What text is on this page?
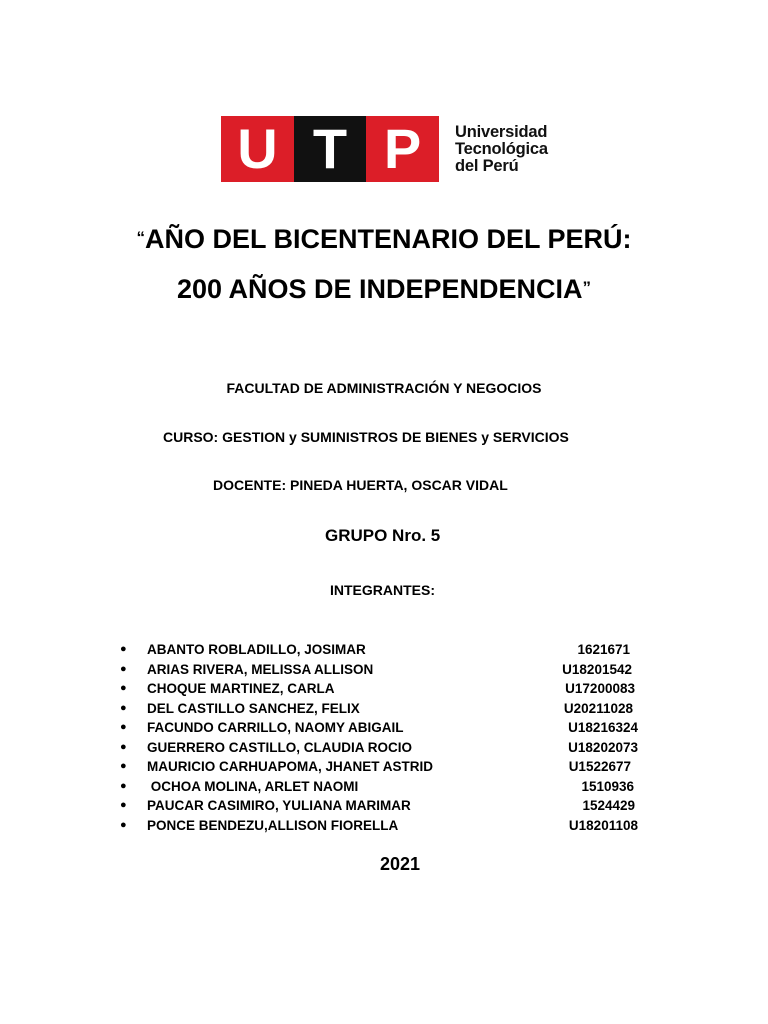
U T P	Universidad
Tecnológica
del Perú
“AÑO DEL BICENTENARIO DEL PERÚ:
200 AÑOS DE INDEPENDENCIA”
FACULTAD DE ADMINISTRACIÓN Y NEGOCIOS
CURSO: GESTION y SUMINISTROS DE BIENES y SERVICIOS
DOCENTE: PINEDA HUERTA, OSCAR VIDAL
GRUPO Nro. 5
INTEGRANTES:
● ABANTO ROBLADILLO, JOSIMAR	1621671
● ARIAS RIVERA, MELISSA ALLISON	U18201542
● CHOQUE MARTINEZ, CARLA	U17200083
● DEL CASTILLO SANCHEZ, FELIX	U20211028
● FACUNDO CARRILLO, NAOMY ABIGAIL	U18216324
● GUERRERO CASTILLO, CLAUDIA ROCIO	U18202073
● MAURICIO CARHUAPOMA, JHANET ASTRID	U1522677
● OCHOA MOLINA, ARLET NAOMI	1510936
● PAUCAR CASIMIRO, YULIANA MARIMAR	1524429
● PONCE BENDEZU,ALLISON FIORELLA	U18201108
2021
